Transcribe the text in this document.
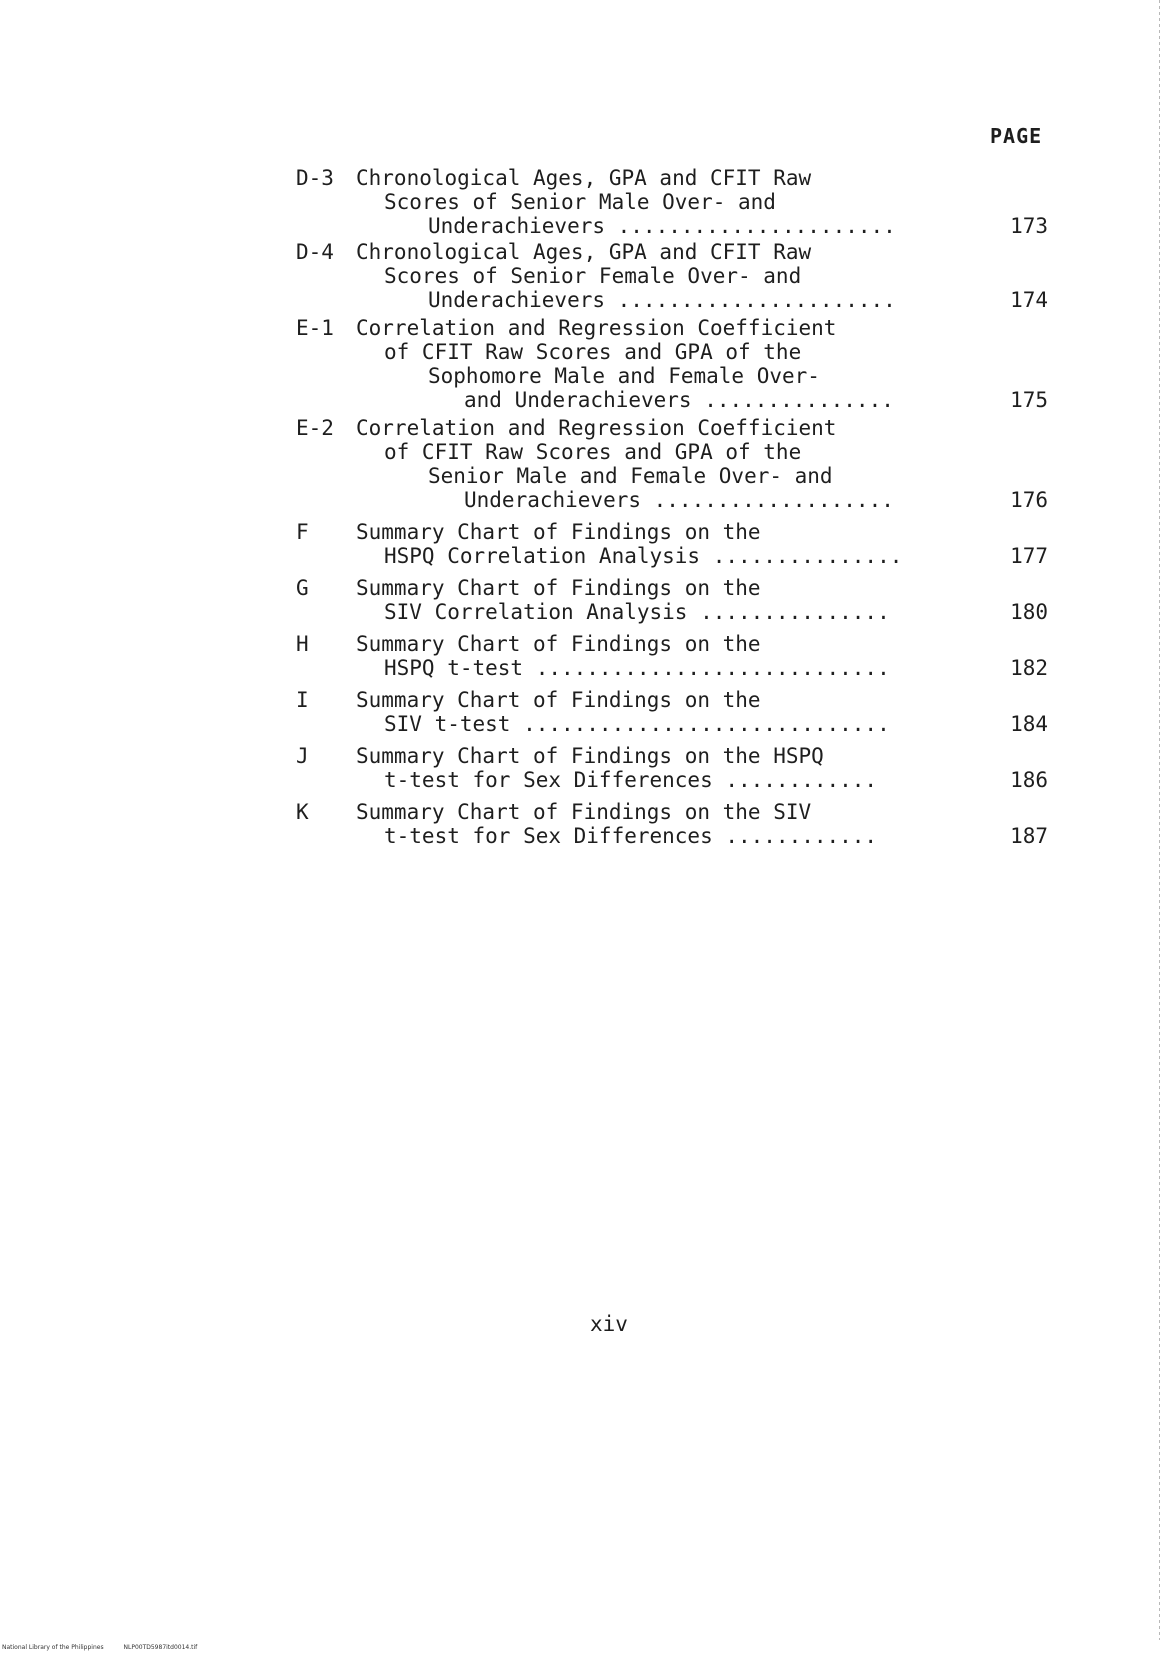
PAGE
D-3	Chronological Ages, GPA and CFIT Raw
Scores of Senior Male Over- and
Underachievers ......................	173
D-4	Chronological Ages, GPA and CFIT Raw
Scores of Senior Female Over- and
Underachievers ......................	174
E-1	Correlation and Regression Coefficient
of CFIT Raw Scores and GPA of the
Sophomore Male and Female Over-
and Underachievers ...............	175
E-2	Correlation and Regression Coefficient
of CFIT Raw Scores and GPA of the
Senior Male and Female Over- and
Underachievers ...................	176
F	Summary Chart of Findings on the
HSPQ Correlation Analysis ...............	177
G	Summary Chart of Findings on the
SIV Correlation Analysis ...............	180
H	Summary Chart of Findings on the
HSPQ t-test ............................	182
I	Summary Chart of Findings on the
SIV t-test .............................	184
J	Summary Chart of Findings on the HSPQ
t-test for Sex Differences ............	186
K	Summary Chart of Findings on the SIV
t-test for Sex Differences ............	187
xiv
National Library of the Philippines	NLP00TD5987itd0014.tif
